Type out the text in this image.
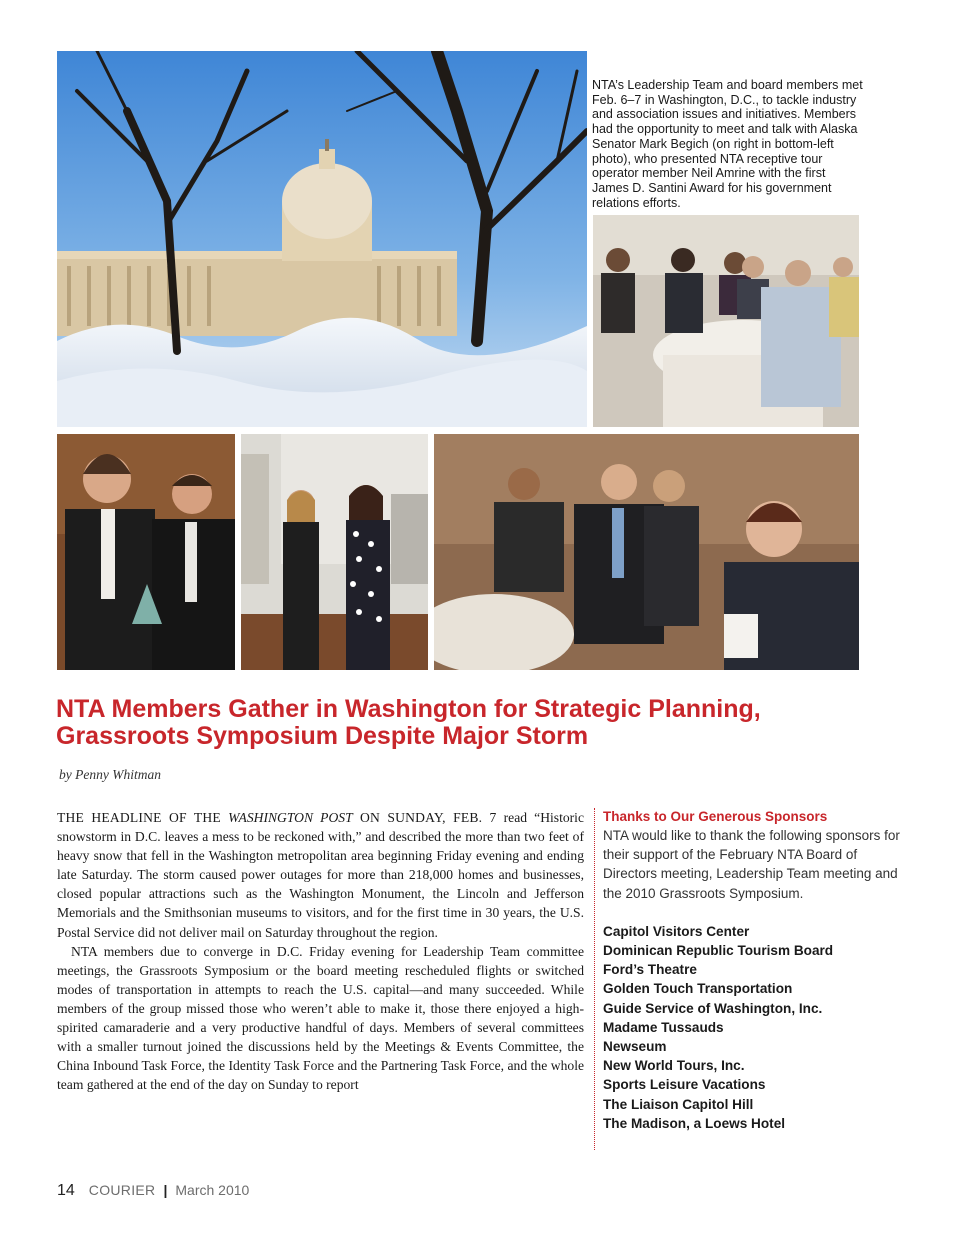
NTA’s Leadership Team and board members met Feb. 6–7 in Washington, D.C., to tackle industry and association issues and initiatives. Members had the opportunity to meet and talk with Alaska Senator Mark Begich (on right in bottom-left photo), who presented NTA receptive tour operator member Neil Amrine with the first James D. Santini Award for his government relations efforts.
NTA Members Gather in Washington for Strategic Planning,
Grassroots Symposium Despite Major Storm
by Penny Whitman

THE HEADLINE OF THE WASHINGTON POST ON SUNDAY, FEB. 7 read “Historic snowstorm in D.C. leaves a mess to be reckoned with,” and described the more than two feet of heavy snow that fell in the Washington metropolitan area beginning Friday evening and ending late Saturday. The storm caused power outages for more than 218,000 homes and businesses, closed popular attractions such as the Washington Monument, the Lincoln and Jefferson Memorials and the Smithsonian museums to visitors, and for the first time in 30 years, the U.S. Postal Service did not deliver mail on Saturday throughout the region.

NTA members due to converge in D.C. Friday evening for Leadership Team committee meetings, the Grassroots Symposium or the board meeting rescheduled flights or switched modes of transportation in attempts to reach the U.S. capital—and many succeeded. While members of the group missed those who weren’t able to make it, those there enjoyed a high-spirited camaraderie and a very productive handful of days. Members of several committees with a smaller turnout joined the discussions held by the Meetings & Events Committee, the China Inbound Task Force, the Identity Task Force and the Partnering Task Force, and the whole team gathered at the end of the day on Sunday to report

Thanks to Our Generous Sponsors

NTA would like to thank the following sponsors for their support of the February NTA Board of Directors meeting, Leadership Team meeting and the 2010 Grassroots Symposium.

Capitol Visitors Center
Dominican Republic Tourism Board
Ford’s Theatre
Golden Touch Transportation
Guide Service of Washington, Inc.
Madame Tussauds
Newseum
New World Tours, Inc.
Sports Leisure Vacations
The Liaison Capitol Hill
The Madison, a Loews Hotel
14 COURIER | March 2010
